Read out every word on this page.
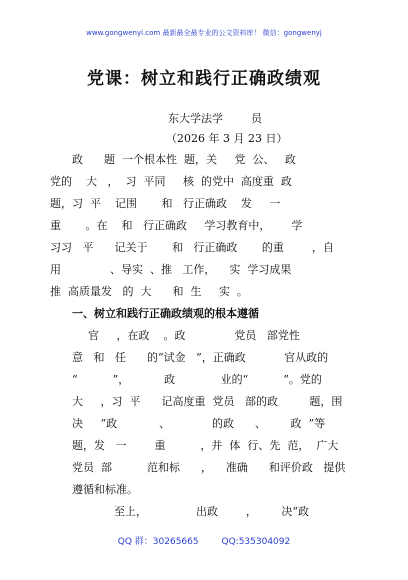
www.gongwenyi.com 最新最全最专业的公文资料库！ 微信：gongwenyj
党课：树立和践行正确政绩观
东大学法学        员
（2026 年 3 月 23 日）
政      题  一个根本性  题，关     党  公、   政
党的    大   ，  习  平同     核  的党中  高度重  政
题，习  平    记围       和   行正确政    发     一
重       。在    和   行正确政     学习教育中，      学
习习   平      记关于       和   行正确政       的重        ，自
用              、导实  、推   工作，    实  学习成果
推  高质量发   的  大      和  生     实  。
一、树立和践行正确政绩观的根本遵循
官     ，在政    。政              党员   部党性
意   和   任      的“试金   ”，正确政           官从政的
“          ”，          政             业的“          ”。党的
大     ，习  平      记高度重  党员   部的政         题，围
决     “政            、            的政      、       政  ”等
题，发   一        重          ，并  体  行、先  范，  广大
党员  部          范和标      ，    准确      和评价政   提供
遵循和标准。
至上，              出政        ，       决“政
QQ 群：30265665        QQ:535304092
